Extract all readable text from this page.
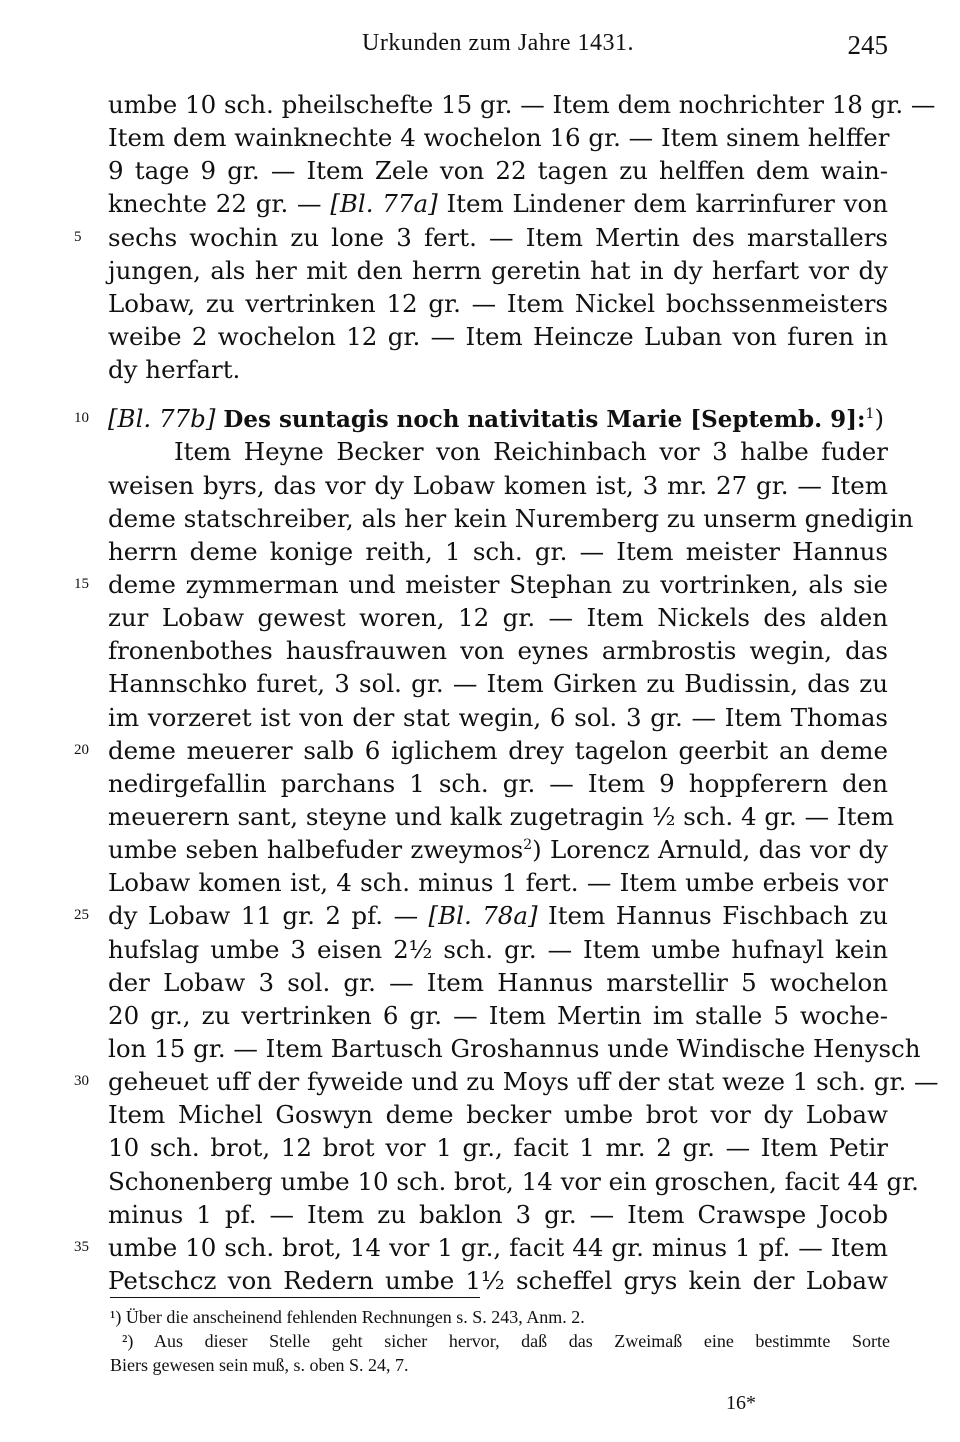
Urkunden zum Jahre 1431.	245
umbe 10 sch. pheilschefte 15 gr. — Item dem nochrichter 18 gr. —
Item dem wainknechte 4 wochelon 16 gr. — Item sinem helffer
9 tage 9 gr. — Item Zele von 22 tagen zu helffen dem wain-
knechte 22 gr. — [Bl. 77a] Item Lindener dem karrinfurer von
5	sechs wochin zu lone 3 fert. — Item Mertin des marstallers
jungen, als her mit den herrn geretin hat in dy herfart vor dy
Lobaw, zu vertrinken 12 gr. — Item Nickel bochssenmeisters
weibe 2 wochelon 12 gr. — Item Heincze Luban von furen in
dy herfart.
10 [Bl. 77b] Des suntagis noch nativitatis Marie [Septemb. 9]:$^1$)
Item Heyne Becker von Reichinbach vor 3 halbe fuder
weisen byrs, das vor dy Lobaw komen ist, 3 mr. 27 gr. — Item
deme statschreiber, als her kein Nuremberg zu unserm gnedigin
herrn deme konige reith, 1 sch. gr. — Item meister Hannus
15 deme zymmerman und meister Stephan zu vortrinken, als sie
zur Lobaw gewest woren, 12 gr. — Item Nickels des alden
fronenbothes hausfrauwen von eynes armbrostis wegin, das
Hannschko furet, 3 sol. gr. — Item Girken zu Budissin, das zu
im vorzeret ist von der stat wegin, 6 sol. 3 gr. — Item Thomas
20 deme meuerer salb 6 iglichem drey tagelon geerbit an deme
nedirgefallin parchans 1 sch. gr. — Item 9 hoppferern den
meuerern sant, steyne und kalk zugetragin ½ sch. 4 gr. — Item
umbe seben halbefuder zweymos$^2$) Lorencz Arnuld, das vor dy
Lobaw komen ist, 4 sch. minus 1 fert. — Item umbe erbeis vor
25 dy Lobaw 11 gr. 2 pf. — [Bl. 78a] Item Hannus Fischbach zu
hufslag umbe 3 eisen 2½ sch. gr. — Item umbe hufnayl kein
der Lobaw 3 sol. gr. — Item Hannus marstellir 5 wochelon
20 gr., zu vertrinken 6 gr. — Item Mertin im stalle 5 woche-
lon 15 gr. — Item Bartusch Groshannus unde Windische Henysch
30 geheuet uff der fyweide und zu Moys uff der stat weze 1 sch. gr. —
Item Michel Goswyn deme becker umbe brot vor dy Lobaw
10 sch. brot, 12 brot vor 1 gr., facit 1 mr. 2 gr. — Item Petir
Schonenberg umbe 10 sch. brot, 14 vor ein groschen, facit 44 gr.
minus 1 pf. — Item zu baklon 3 gr. — Item Crawspe Jocob
35 umbe 10 sch. brot, 14 vor 1 gr., facit 44 gr. minus 1 pf. — Item
Petschcz von Redern umbe 1½ scheffel grys kein der Lobaw
¹) Über die anscheinend fehlenden Rechnungen s. S. 243, Anm. 2.
²) Aus dieser Stelle geht sicher hervor, daß das Zweimaß eine bestimmte Sorte
Biers gewesen sein muß, s. oben S. 24, 7.
16*
